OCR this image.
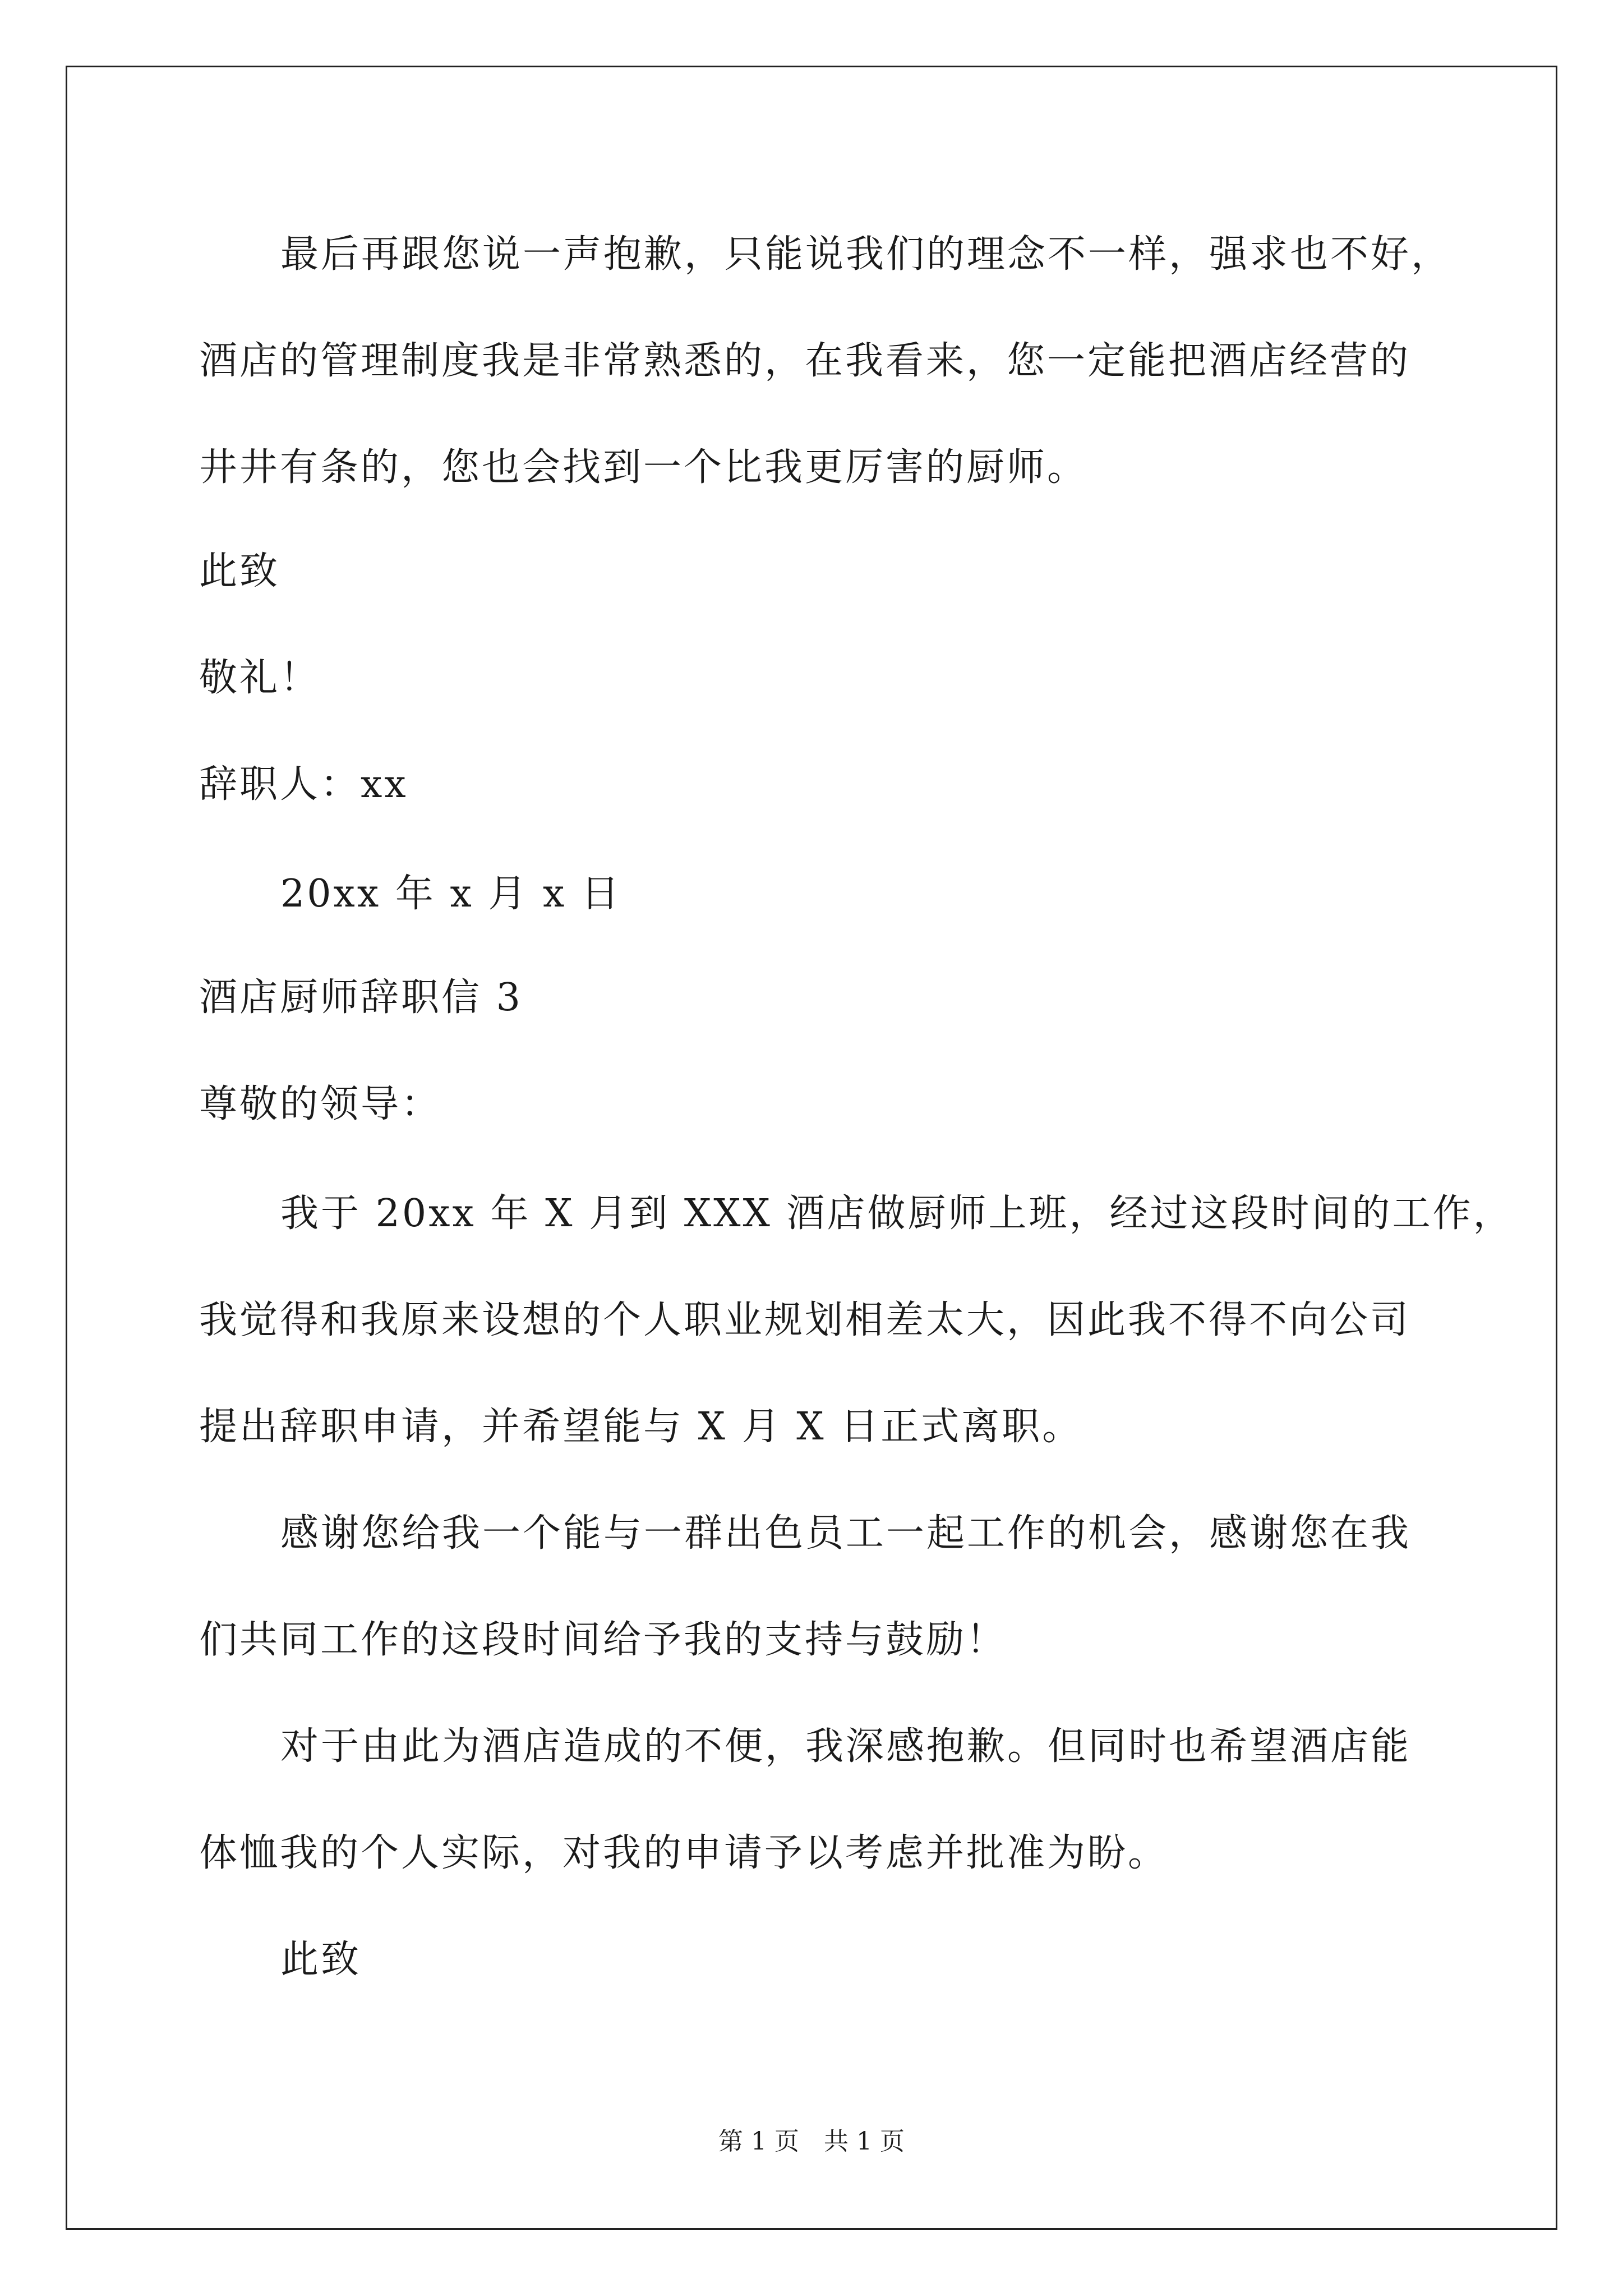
最后再跟您说一声抱歉，只能说我们的理念不一样，强求也不好，
酒店的管理制度我是非常熟悉的，在我看来，您一定能把酒店经营的
井井有条的，您也会找到一个比我更厉害的厨师。
此致
敬礼！
辞职人：xx
20xx 年 x 月 x 日
酒店厨师辞职信 3
尊敬的领导：
我于 20xx 年 X 月到 XXX 酒店做厨师上班，经过这段时间的工作，
我觉得和我原来设想的个人职业规划相差太大，因此我不得不向公司
提出辞职申请，并希望能与 X 月 X 日正式离职。
感谢您给我一个能与一群出色员工一起工作的机会，感谢您在我
们共同工作的这段时间给予我的支持与鼓励！
对于由此为酒店造成的不便，我深感抱歉。但同时也希望酒店能
体恤我的个人实际，对我的申请予以考虑并批准为盼。
此致
第 1 页　共 1 页
